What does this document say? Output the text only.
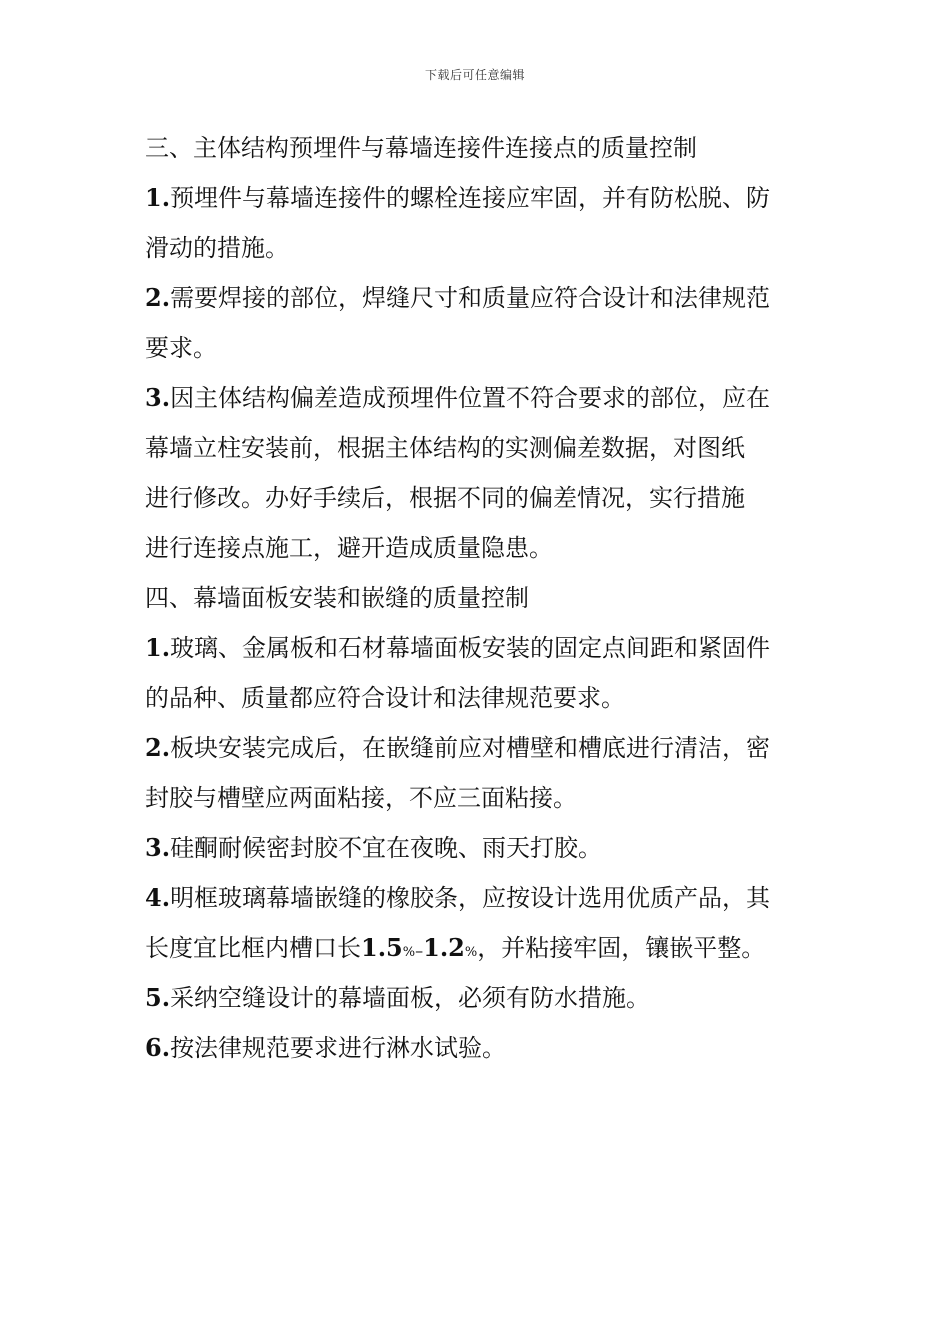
下载后可任意编辑
三、主体结构预埋件与幕墙连接件连接点的质量控制
1.预埋件与幕墙连接件的螺栓连接应牢固，并有防松脱、防
滑动的措施。
2.需要焊接的部位，焊缝尺寸和质量应符合设计和法律规范
要求。
3.因主体结构偏差造成预埋件位置不符合要求的部位，应在
幕墙立柱安装前，根据主体结构的实测偏差数据，对图纸
进行修改。办好手续后，根据不同的偏差情况，实行措施
进行连接点施工，避开造成质量隐患。
四、幕墙面板安装和嵌缝的质量控制
1.玻璃、金属板和石材幕墙面板安装的固定点间距和紧固件
的品种、质量都应符合设计和法律规范要求。
2.板块安装完成后，在嵌缝前应对槽壁和槽底进行清洁，密
封胶与槽壁应两面粘接，不应三面粘接。
3.硅酮耐候密封胶不宜在夜晚、雨天打胶。
4.明框玻璃幕墙嵌缝的橡胶条，应按设计选用优质产品，其
长度宜比框内槽口长1.5%–1.2%，并粘接牢固，镶嵌平整。
5.采纳空缝设计的幕墙面板，必须有防水措施。
6.按法律规范要求进行淋水试验。
